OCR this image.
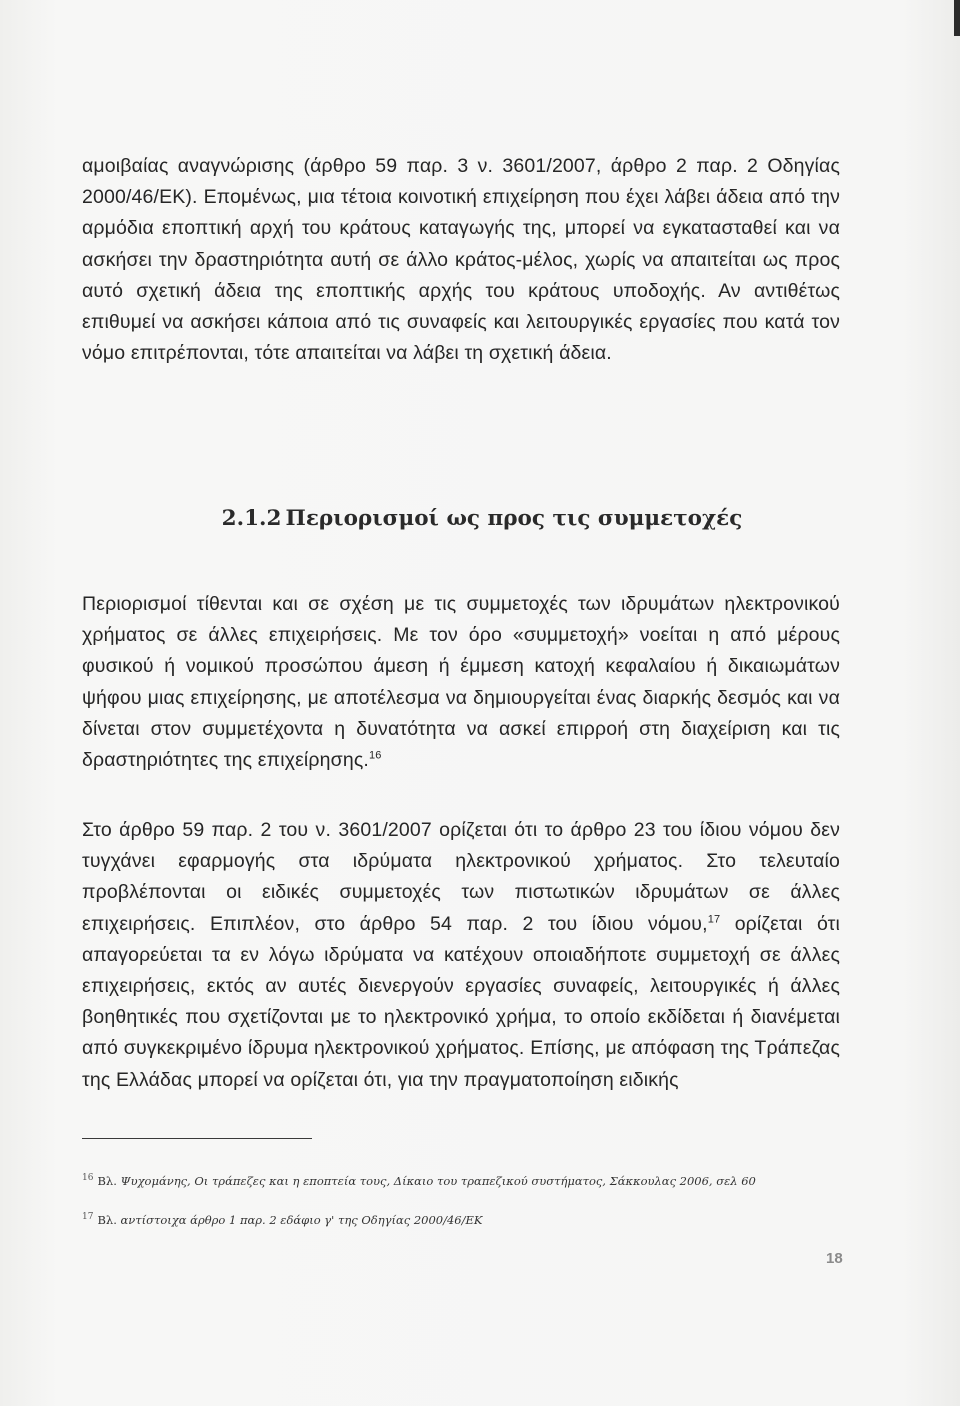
αμοιβαίας αναγνώρισης (άρθρο 59 παρ. 3 ν. 3601/2007, άρθρο 2 παρ. 2 Οδηγίας 2000/46/ΕΚ). Επομένως, μια τέτοια κοινοτική επιχείρηση που έχει λάβει άδεια από την αρμόδια εποπτική αρχή του κράτους καταγωγής της, μπορεί να εγκατασταθεί και να ασκήσει την δραστηριότητα αυτή σε άλλο κράτος-μέλος, χωρίς να απαιτείται ως προς αυτό σχετική άδεια της εποπτικής αρχής του κράτους υποδοχής. Αν αντιθέτως επιθυμεί να ασκήσει κάποια από τις συναφείς και λειτουργικές εργασίες που κατά τον νόμο επιτρέπονται, τότε απαιτείται να λάβει τη σχετική άδεια.

2.1.2 Περιορισμοί ως προς τις συμμετοχές

Περιορισμοί τίθενται και σε σχέση με τις συμμετοχές των ιδρυμάτων ηλεκτρονικού χρήματος σε άλλες επιχειρήσεις. Με τον όρο «συμμετοχή» νοείται η από μέρους φυσικού ή νομικού προσώπου άμεση ή έμμεση κατοχή κεφαλαίου ή δικαιωμάτων ψήφου μιας επιχείρησης, με αποτέλεσμα να δημιουργείται ένας διαρκής δεσμός και να δίνεται στον συμμετέχοντα η δυνατότητα να ασκεί επιρροή στη διαχείριση και τις δραστηριότητες της επιχείρησης.$^{16}$

Στο άρθρο 59 παρ. 2 του ν. 3601/2007 ορίζεται ότι το άρθρο 23 του ίδιου νόμου δεν τυγχάνει εφαρμογής στα ιδρύματα ηλεκτρονικού χρήματος. Στο τελευταίο προβλέπονται οι ειδικές συμμετοχές των πιστωτικών ιδρυμάτων σε άλλες επιχειρήσεις. Επιπλέον, στο άρθρο 54 παρ. 2 του ίδιου νόμου,$^{17}$ ορίζεται ότι απαγορεύεται τα εν λόγω ιδρύματα να κατέχουν οποιαδήποτε συμμετοχή σε άλλες επιχειρήσεις, εκτός αν αυτές διενεργούν εργασίες συναφείς, λειτουργικές ή άλλες βοηθητικές που σχετίζονται με το ηλεκτρονικό χρήμα, το οποίο εκδίδεται ή διανέμεται από συγκεκριμένο ίδρυμα ηλεκτρονικού χρήματος. Επίσης, με απόφαση της Τράπεζας της Ελλάδας μπορεί να ορίζεται ότι, για την πραγματοποίηση ειδικής

$^{16}$ Βλ. Ψυχομάνης, Οι τράπεζες και η εποπτεία τους, Δίκαιο του τραπεζικού συστήματος, Σάκκουλας 2006, σελ 60
$^{17}$ Βλ. αντίστοιχα άρθρο 1 παρ. 2 εδάφιο γ' της Οδηγίας 2000/46/ΕΚ
18
